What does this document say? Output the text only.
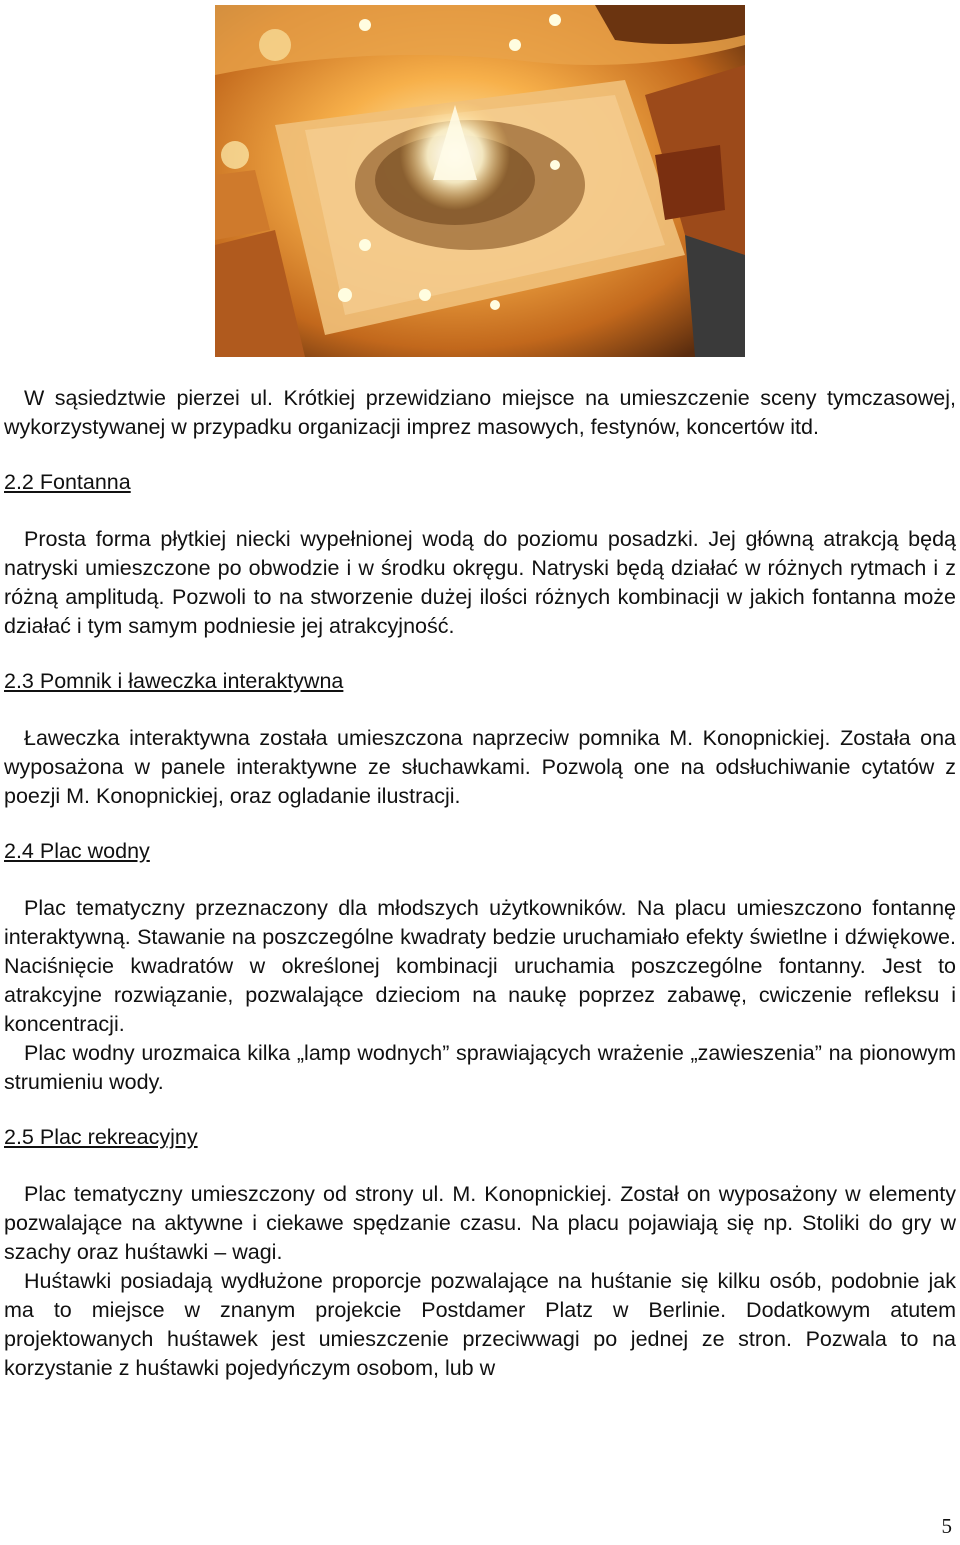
W sąsiedztwie pierzei ul. Krótkiej przewidziano miejsce na umieszczenie sceny tymczasowej, wykorzystywanej w przypadku organizacji imprez masowych, festynów, koncertów itd.

2.2 Fontanna

Prosta forma płytkiej niecki wypełnionej wodą do poziomu posadzki. Jej główną atrakcją będą natryski umieszczone po obwodzie i w środku okręgu. Natryski będą działać w różnych rytmach i z różną amplitudą. Pozwoli to na stworzenie dużej ilości różnych kombinacji w jakich fontanna może działać i tym samym podniesie jej atrakcyjność.

2.3 Pomnik i ławeczka interaktywna

Ławeczka interaktywna została umieszczona naprzeciw pomnika M. Konopnickiej. Została ona wyposażona w panele interaktywne ze słuchawkami. Pozwolą one na odsłuchiwanie cytatów z poezji M. Konopnickiej, oraz ogladanie ilustracji.

2.4 Plac wodny

Plac tematyczny przeznaczony dla młodszych użytkowników. Na placu umieszczono fontannę interaktywną. Stawanie na poszczególne kwadraty bedzie uruchamiało efekty świetlne i dźwiękowe. Naciśnięcie kwadratów w określonej kombinacji uruchamia poszczególne fontanny. Jest to atrakcyjne rozwiązanie, pozwalające dzieciom na naukę poprzez zabawę, cwiczenie refleksu i koncentracji.

Plac wodny urozmaica kilka „lamp wodnych” sprawiających wrażenie „zawieszenia” na pionowym strumieniu wody.

2.5 Plac rekreacyjny

Plac tematyczny umieszczony od strony ul. M. Konopnickiej. Został on wyposażony w elementy pozwalające na aktywne i ciekawe spędzanie czasu. Na placu pojawiają się np. Stoliki do gry w szachy oraz huśtawki – wagi.

Huśtawki posiadają wydłużone proporcje pozwalające na huśtanie się kilku osób, podobnie jak ma to miejsce w znanym projekcie Postdamer Platz w Berlinie. Dodatkowym atutem projektowanych huśtawek jest umieszczenie przeciwwagi po jednej ze stron. Pozwala to na korzystanie z huśtawki pojedyńczym osobom, lub w

5
